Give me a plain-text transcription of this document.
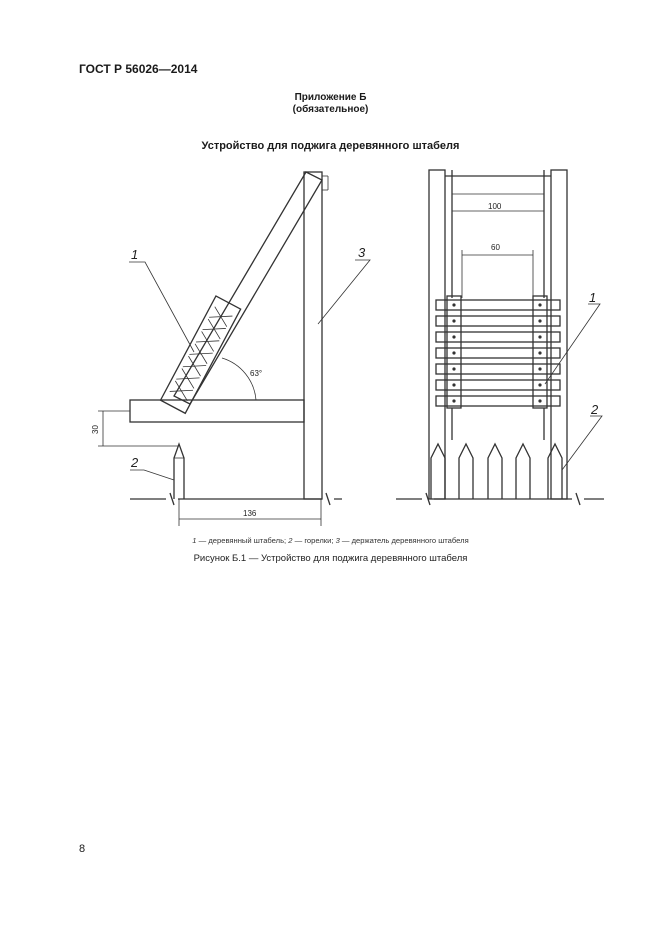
ГОСТ Р 56026—2014
Приложение Б
(обязательное)
Устройство для поджига деревянного штабеля
63°
30
136
1	3
2
100
60
1
2
1 — деревянный штабель; 2 — горелки; 3 — держатель деревянного штабеля
Рисунок Б.1 — Устройство для поджига деревянного штабеля
8
